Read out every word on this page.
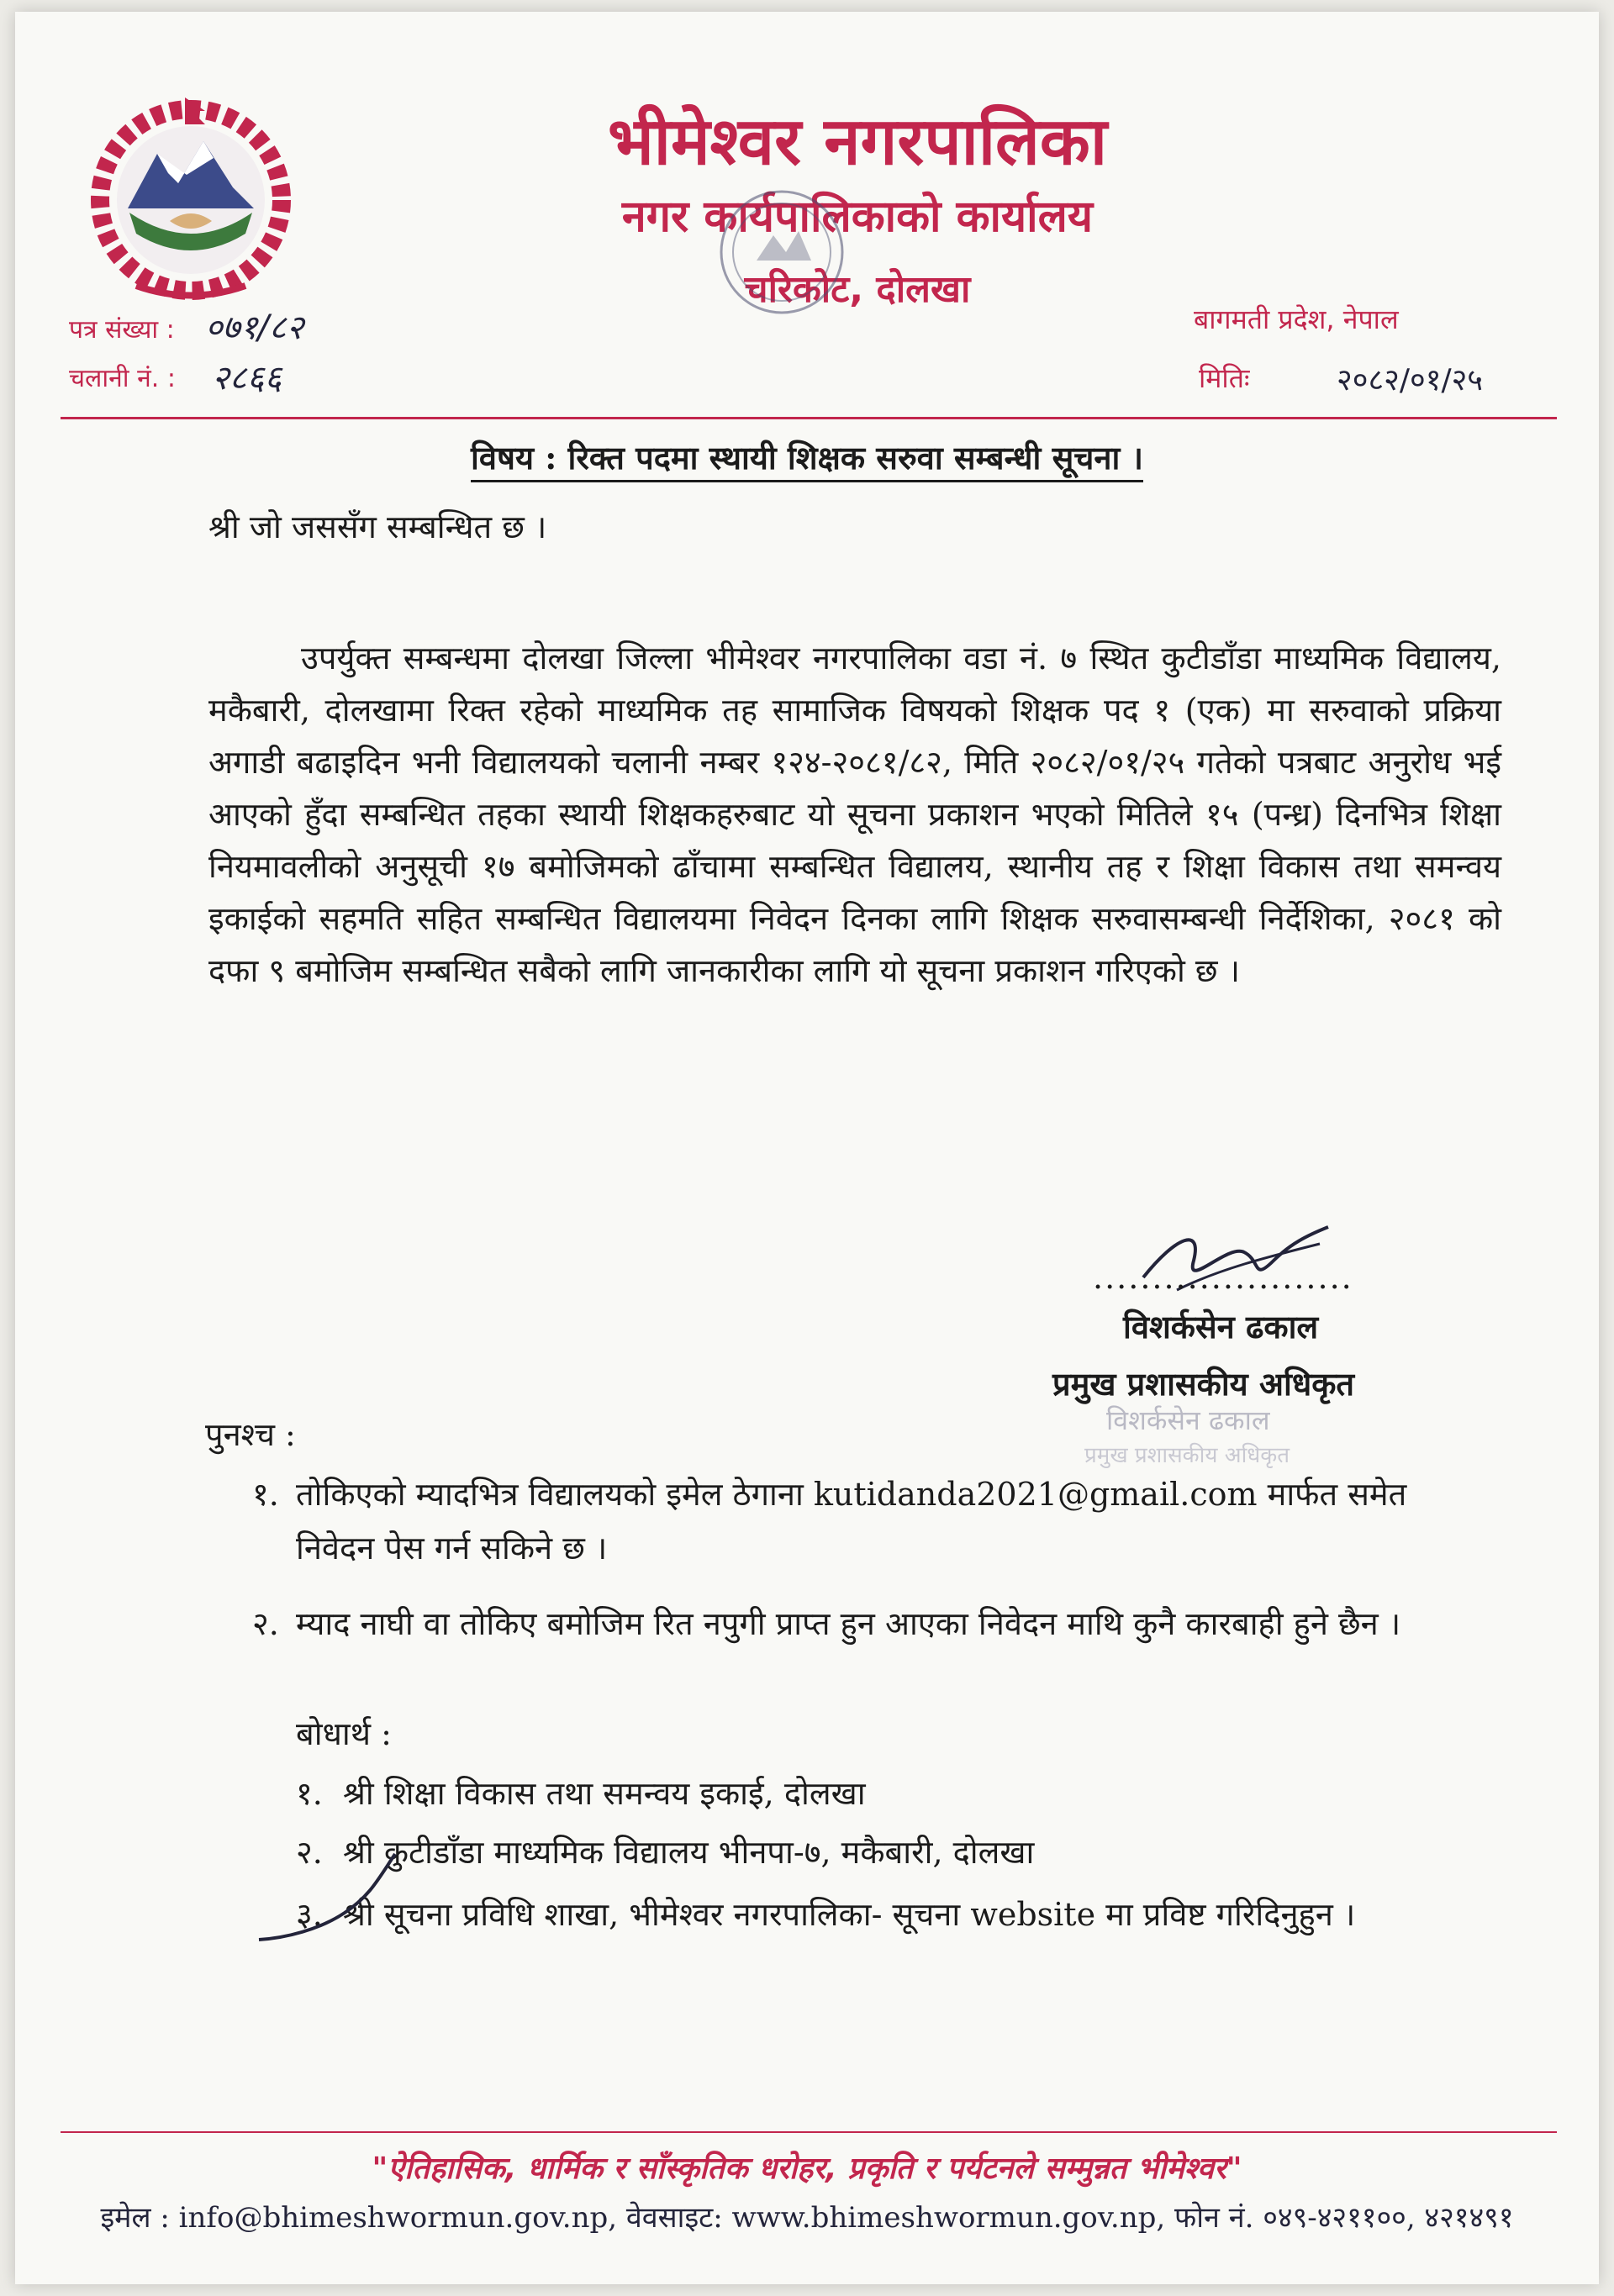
भीमेश्वर नगरपालिका
नगर कार्यपालिकाको कार्यालय
चरिकोट, दोलखा
पत्र संख्या : ०७१/८२
चलानी नं. : २८६६
बागमती प्रदेश, नेपाल
मितिः	२०८२/०१/२५
विषय : रिक्त पदमा स्थायी शिक्षक सरुवा सम्बन्धी सूचना ।
श्री जो जससँग सम्बन्धित छ ।
उपर्युक्त सम्बन्धमा दोलखा जिल्ला भीमेश्वर नगरपालिका वडा नं. ७ स्थित कुटीडाँडा माध्यमिक विद्यालय, मकैबारी, दोलखामा रिक्त रहेको माध्यमिक तह सामाजिक विषयको शिक्षक पद १ (एक) मा सरुवाको प्रक्रिया अगाडी बढाइदिन भनी विद्यालयको चलानी नम्बर १२४-२०८१/८२, मिति २०८२/०१/२५ गतेको पत्रबाट अनुरोध भई आएको हुँदा सम्बन्धित तहका स्थायी शिक्षकहरुबाट यो सूचना प्रकाशन भएको मितिले १५ (पन्ध्र) दिनभित्र शिक्षा नियमावलीको अनुसूची १७ बमोजिमको ढाँचामा सम्बन्धित विद्यालय, स्थानीय तह र शिक्षा विकास तथा समन्वय इकाईको सहमति सहित सम्बन्धित विद्यालयमा निवेदन दिनका लागि शिक्षक सरुवासम्बन्धी निर्देशिका, २०८१ को दफा ९ बमोजिम सम्बन्धित सबैको लागि जानकारीका लागि यो सूचना प्रकाशन गरिएको छ ।
......................
विशर्कसेन ढकाल
प्रमुख प्रशासकीय अधिकृत
विशर्कसेन ढकाल
प्रमुख प्रशासकीय अधिकृत
पुनश्च :
१. तोकिएको म्यादभित्र विद्यालयको इमेल ठेगाना kutidanda2021@gmail.com मार्फत समेत
निवेदन पेस गर्न सकिने छ ।
२. म्याद नाघी वा तोकिए बमोजिम रित नपुगी प्राप्त हुन आएका निवेदन माथि कुनै कारबाही हुने छैन ।
बोधार्थ :
१. श्री शिक्षा विकास तथा समन्वय इकाई, दोलखा
२. श्री कुटीडाँडा माध्यमिक विद्यालय भीनपा-७, मकैबारी, दोलखा
३. श्री सूचना प्रविधि शाखा, भीमेश्वर नगरपालिका- सूचना website मा प्रविष्ट गरिदिनुहुन ।
"ऐतिहासिक, धार्मिक र साँस्कृतिक धरोहर, प्रकृति र पर्यटनले सम्मुन्नत भीमेश्वर"
इमेल : info@bhimeshwormun.gov.np, वेवसाइट: www.bhimeshwormun.gov.np, फोन नं. ०४९-४२११००, ४२१४९१
